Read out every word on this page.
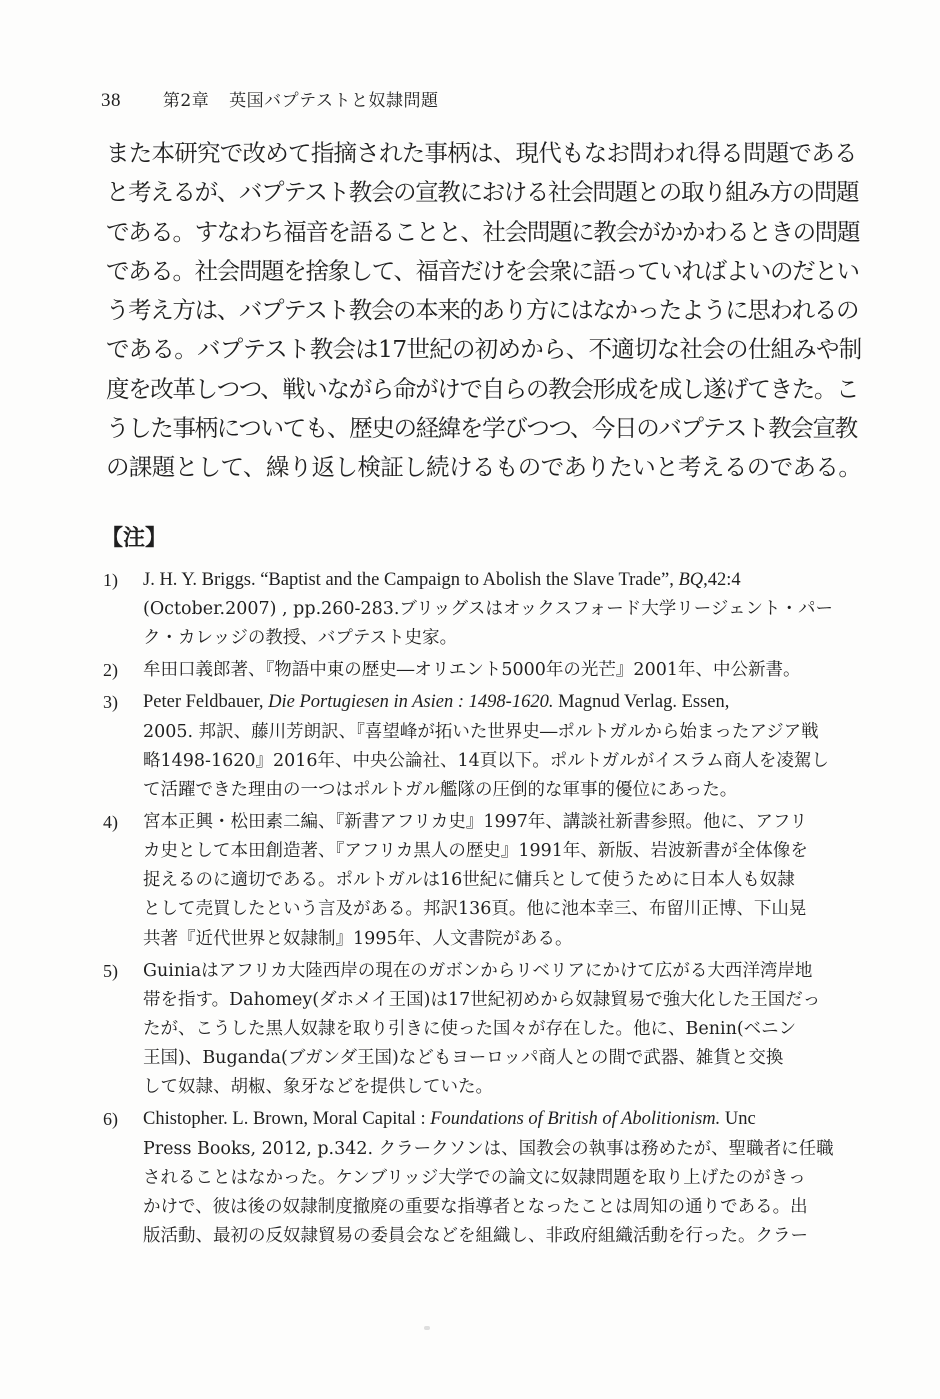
38 第2章 英国バプテストと奴隷問題
また本研究で改めて指摘された事柄は、現代もなお問われ得る問題である
と考えるが、バプテスト教会の宣教における社会問題との取り組み方の問題
である。すなわち福音を語ることと、社会問題に教会がかかわるときの問題
である。社会問題を捨象して、福音だけを会衆に語っていればよいのだとい
う考え方は、バプテスト教会の本来的あり方にはなかったように思われるの
である。バプテスト教会は17世紀の初めから、不適切な社会の仕組みや制
度を改革しつつ、戦いながら命がけで自らの教会形成を成し遂げてきた。こ
うした事柄についても、歴史の経緯を学びつつ、今日のバプテスト教会宣教
の課題として、繰り返し検証し続けるものでありたいと考えるのである。
【注】
1) J. H. Y. Briggs. “Baptist and the Campaign to Abolish the Slave Trade”, BQ,42:4
(October.2007) , pp.260-283.ブリッグスはオックスフォード大学リージェント・パー
ク・カレッジの教授、バプテスト史家。
2) 牟田口義郎著、『物語中東の歴史―オリエント5000年の光芒』2001年、中公新書。
3) Peter Feldbauer, Die Portugiesen in Asien : 1498-1620. Magnud Verlag. Essen,
2005. 邦訳、藤川芳朗訳、『喜望峰が拓いた世界史―ポルトガルから始まったアジア戦
略1498-1620』2016年、中央公論社、14頁以下。ポルトガルがイスラム商人を凌駕し
て活躍できた理由の一つはポルトガル艦隊の圧倒的な軍事的優位にあった。
4) 宮本正興・松田素二編、『新書アフリカ史』1997年、講談社新書参照。他に、アフリ
カ史として本田創造著、『アフリカ黒人の歴史』1991年、新版、岩波新書が全体像を
捉えるのに適切である。ポルトガルは16世紀に傭兵として使うために日本人も奴隷
として売買したという言及がある。邦訳136頁。他に池本幸三、布留川正博、下山晃
共著『近代世界と奴隷制』1995年、人文書院がある。
5) Guiniaはアフリカ大陸西岸の現在のガボンからリベリアにかけて広がる大西洋湾岸地
帯を指す。Dahomey(ダホメイ王国)は17世紀初めから奴隷貿易で強大化した王国だっ
たが、こうした黒人奴隷を取り引きに使った国々が存在した。他に、Benin(ベニン
王国)、Buganda(ブガンダ王国)などもヨーロッパ商人との間で武器、雑貨と交換
して奴隷、胡椒、象牙などを提供していた。
6) Chistopher. L. Brown, Moral Capital : Foundations of British of Abolitionism. Unc
Press Books, 2012, p.342. クラークソンは、国教会の執事は務めたが、聖職者に任職
されることはなかった。ケンブリッジ大学での論文に奴隷問題を取り上げたのがきっ
かけで、彼は後の奴隷制度撤廃の重要な指導者となったことは周知の通りである。出
版活動、最初の反奴隷貿易の委員会などを組織し、非政府組織活動を行った。クラー
